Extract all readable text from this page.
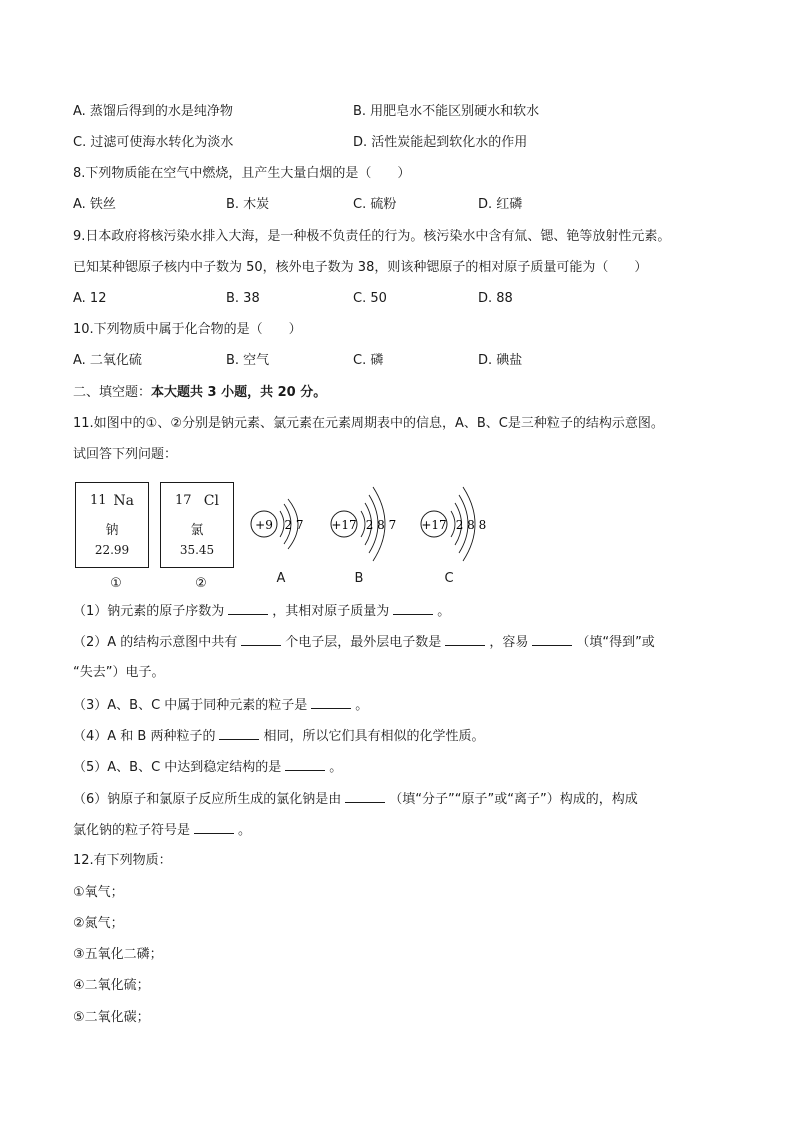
A. 蒸馏后得到的水是纯净物	B. 用肥皂水不能区别硬水和软水
C. 过滤可使海水转化为淡水	D. 活性炭能起到软化水的作用
8.下列物质能在空气中燃烧，且产生大量白烟的是（　　）
A. 铁丝	B. 木炭	C. 硫粉	D. 红磷
9.日本政府将核污染水排入大海，是一种极不负责任的行为。核污染水中含有氚、锶、铯等放射性元素。
已知某种锶原子核内中子数为 50，核外电子数为 38，则该种锶原子的相对原子质量可能为（　　）
A. 12	B. 38	C. 50	D. 88
10.下列物质中属于化合物的是（　　）
A. 二氧化硫	B. 空气	C. 磷	D. 碘盐
二、填空题：本大题共 3 小题，共 20 分。
11.如图中的①、②分别是钠元素、氯元素在元素周期表中的信息，A、B、C是三种粒子的结构示意图。
试回答下列问题：
11 Na
钠
22.99
①
17 Cl
氯
35.45
②
+9 2 7 +17 2 8 7 +17 2 8 8
A	B	C
（1）钠元素的原子序数为	，其相对原子质量为	。
（2）A 的结构示意图中共有	个电子层，最外层电子数是	，容易	（填“得到”或
“失去”）电子。
（3）A、B、C 中属于同种元素的粒子是	。
（4）A 和 B 两种粒子的	相同，所以它们具有相似的化学性质。
（5）A、B、C 中达到稳定结构的是	。
（6）钠原子和氯原子反应所生成的氯化钠是由	（填“分子”“原子”或“离子”）构成的，构成
氯化钠的粒子符号是	。
12.有下列物质：
①氧气；
②氮气；
③五氧化二磷；
④二氧化硫；
⑤二氧化碳；
